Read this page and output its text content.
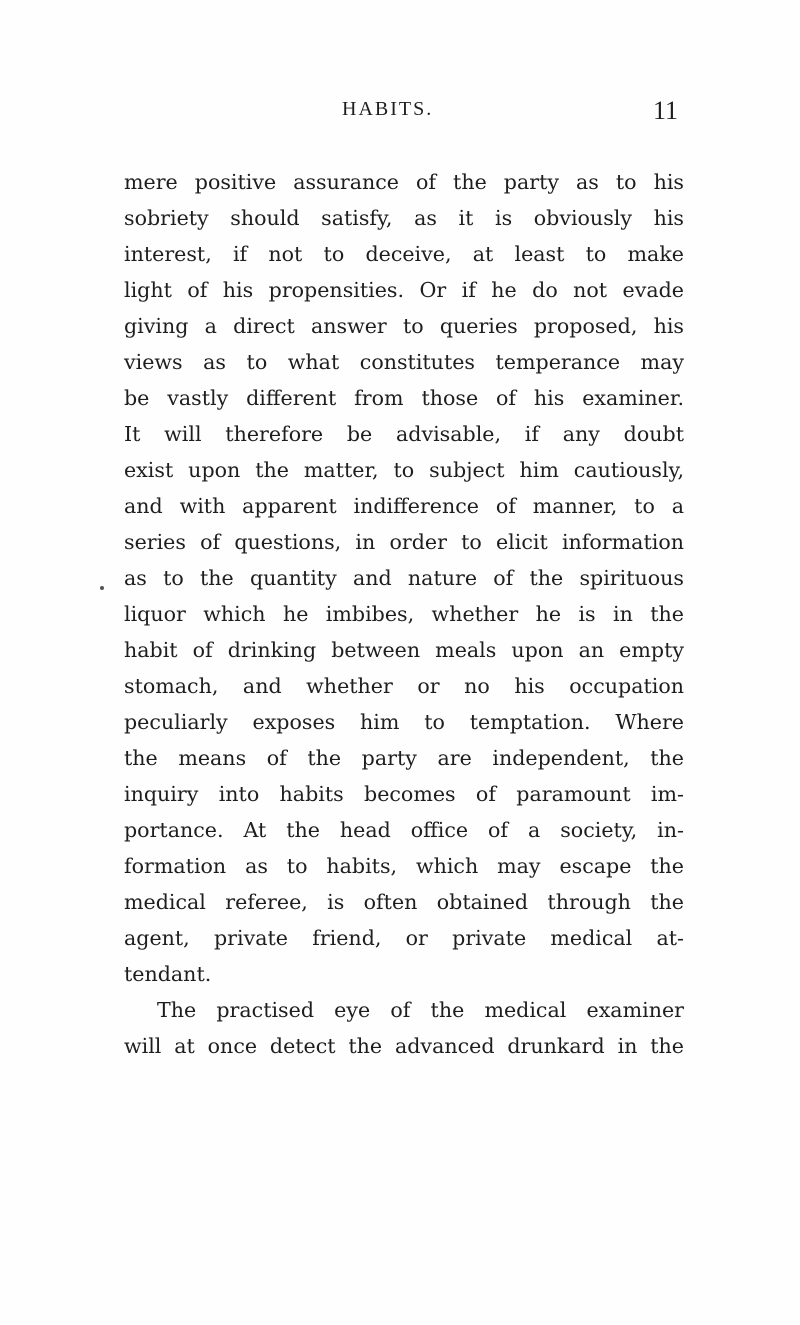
HABITS.	11
mere positive assurance of the party as to his
sobriety should satisfy, as it is obviously his
interest, if not to deceive, at least to make
light of his propensities. Or if he do not evade
giving a direct answer to queries proposed, his
views as to what constitutes temperance may
be vastly different from those of his examiner.
It will therefore be advisable, if any doubt
exist upon the matter, to subject him cautiously,
and with apparent indifference of manner, to a
series of questions, in order to elicit information
as to the quantity and nature of the spirituous
liquor which he imbibes, whether he is in the
habit of drinking between meals upon an empty
stomach, and whether or no his occupation
peculiarly exposes him to temptation. Where
the means of the party are independent, the
inquiry into habits becomes of paramount im-
portance. At the head office of a society, in-
formation as to habits, which may escape the
medical referee, is often obtained through the
agent, private friend, or private medical at-
tendant.
The practised eye of the medical examiner
will at once detect the advanced drunkard in the
